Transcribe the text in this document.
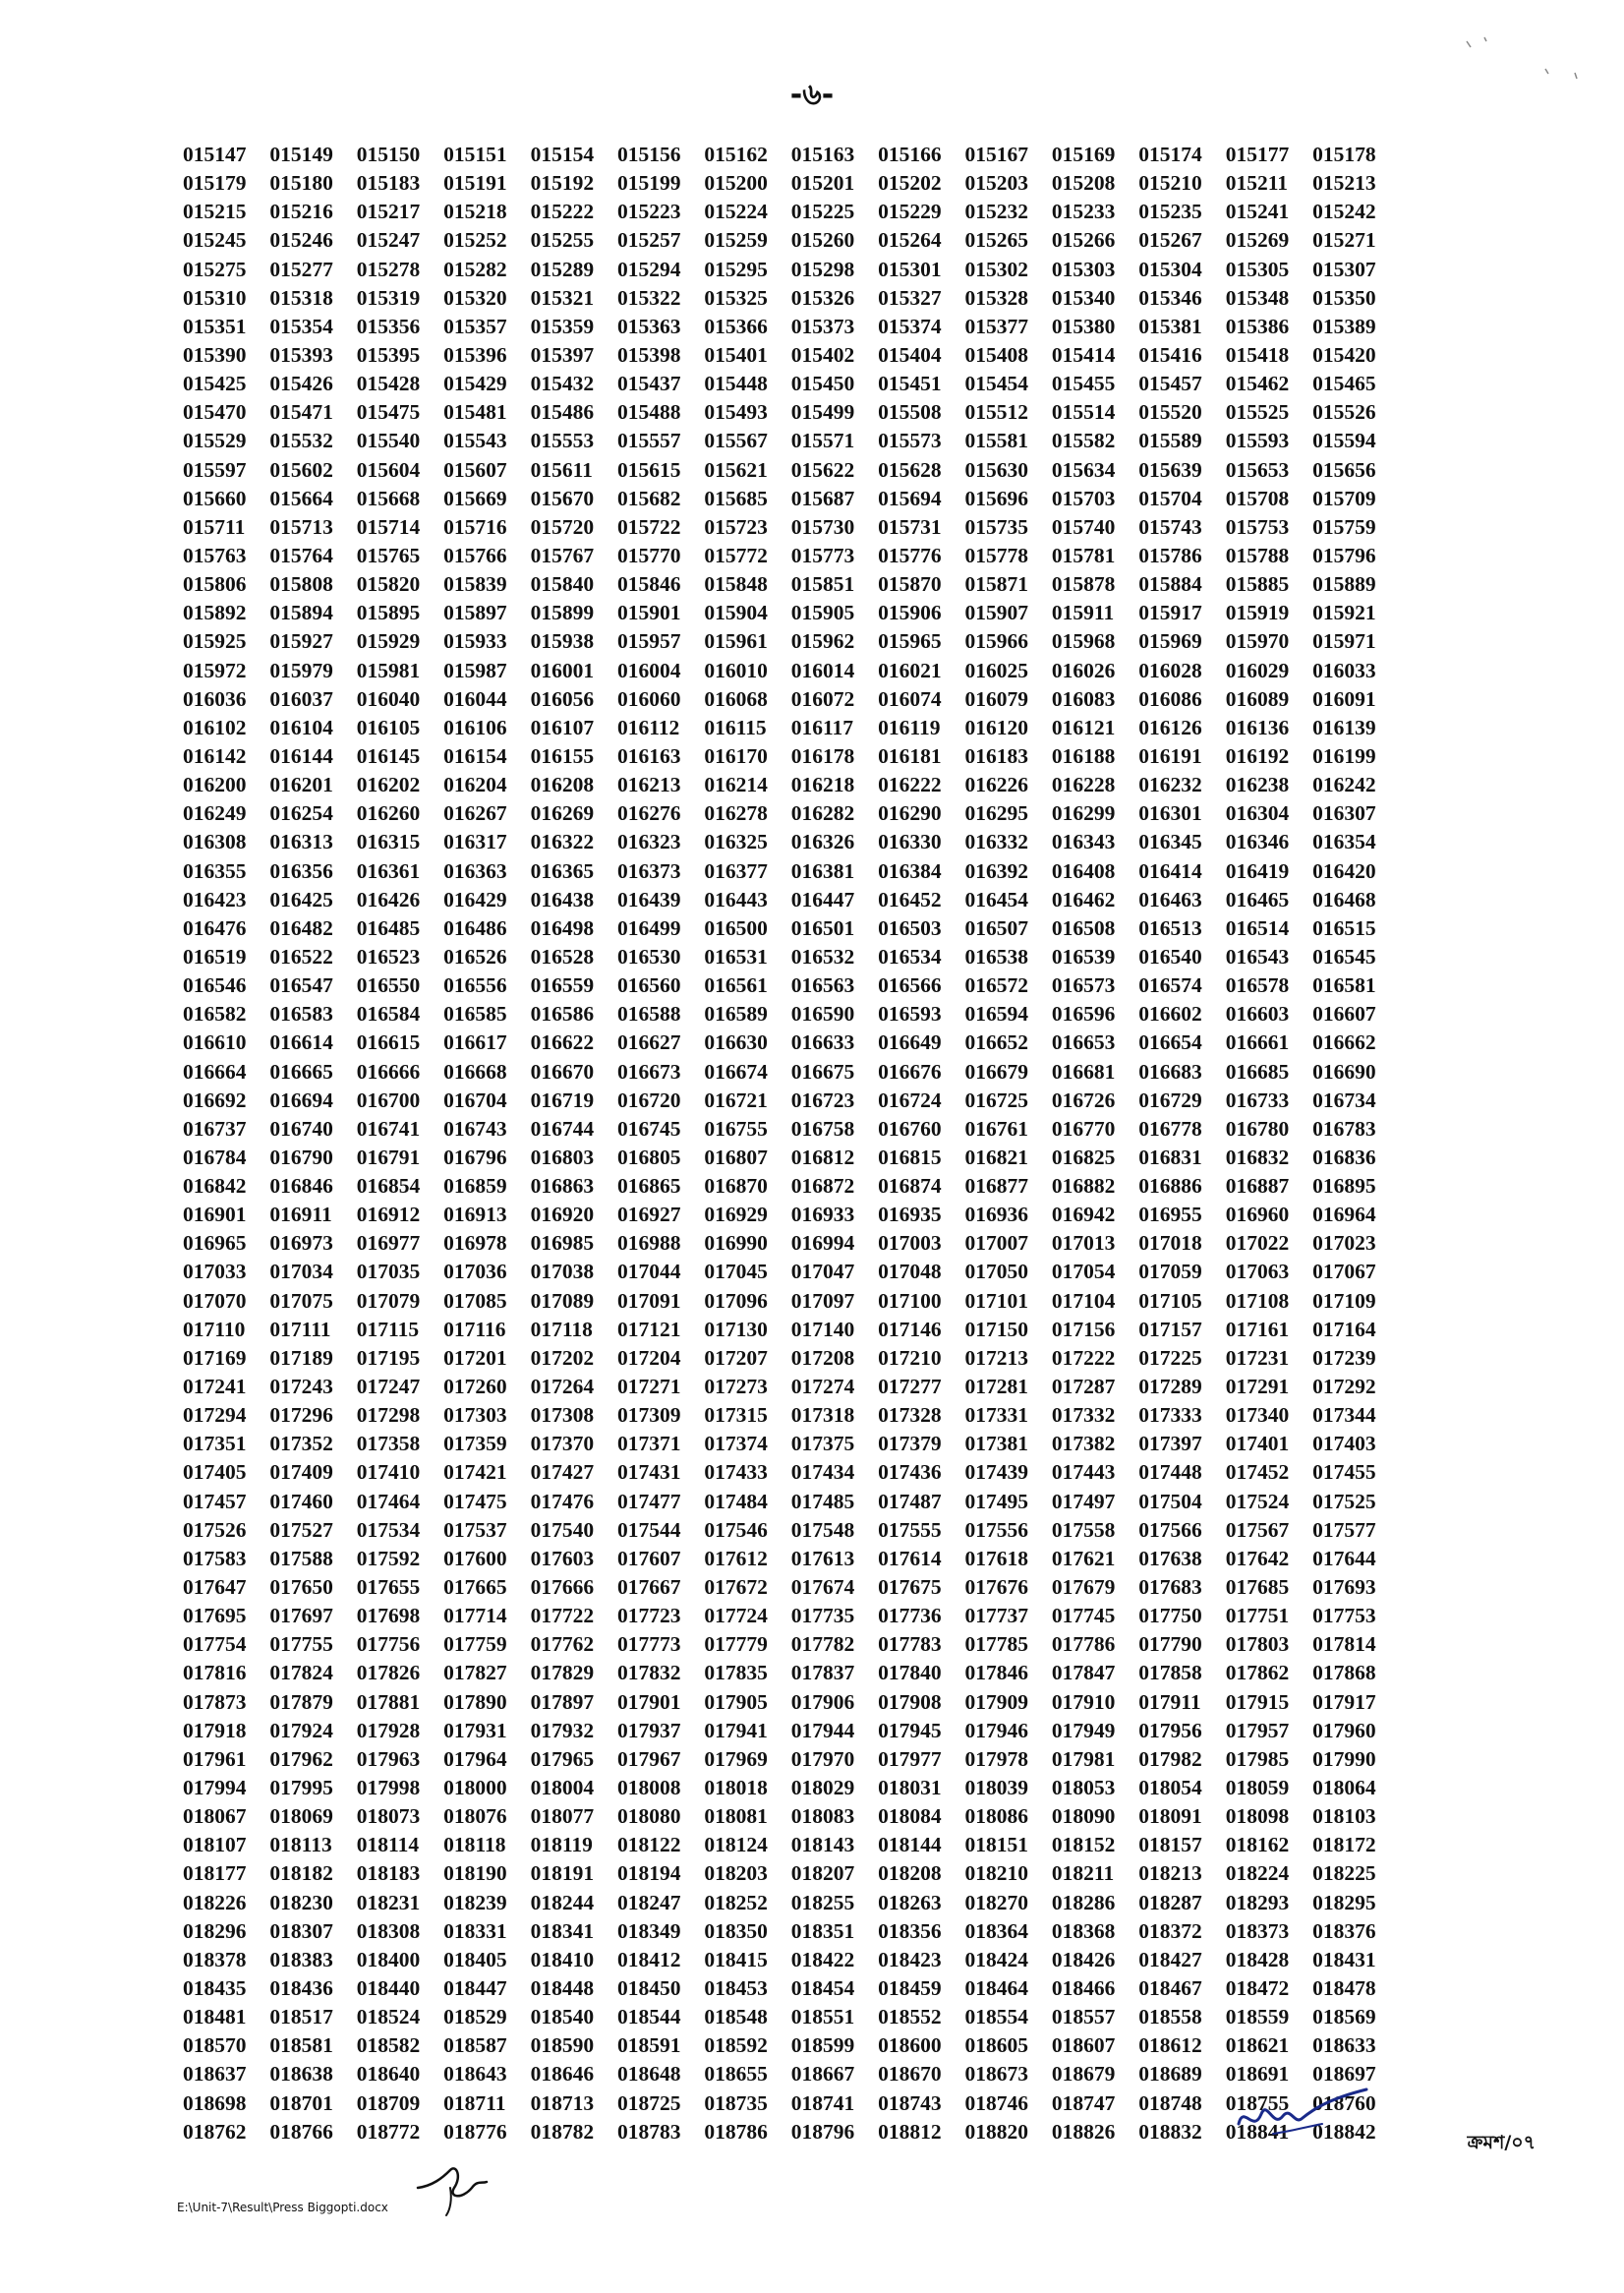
-৬-
015147	015149	015150	015151	015154	015156	015162	015163	015166	015167	015169	015174	015177	015178
015179	015180	015183	015191	015192	015199	015200	015201	015202	015203	015208	015210	015211	015213
015215	015216	015217	015218	015222	015223	015224	015225	015229	015232	015233	015235	015241	015242
015245	015246	015247	015252	015255	015257	015259	015260	015264	015265	015266	015267	015269	015271
015275	015277	015278	015282	015289	015294	015295	015298	015301	015302	015303	015304	015305	015307
015310	015318	015319	015320	015321	015322	015325	015326	015327	015328	015340	015346	015348	015350
015351	015354	015356	015357	015359	015363	015366	015373	015374	015377	015380	015381	015386	015389
015390	015393	015395	015396	015397	015398	015401	015402	015404	015408	015414	015416	015418	015420
015425	015426	015428	015429	015432	015437	015448	015450	015451	015454	015455	015457	015462	015465
015470	015471	015475	015481	015486	015488	015493	015499	015508	015512	015514	015520	015525	015526
015529	015532	015540	015543	015553	015557	015567	015571	015573	015581	015582	015589	015593	015594
015597	015602	015604	015607	015611	015615	015621	015622	015628	015630	015634	015639	015653	015656
015660	015664	015668	015669	015670	015682	015685	015687	015694	015696	015703	015704	015708	015709
015711	015713	015714	015716	015720	015722	015723	015730	015731	015735	015740	015743	015753	015759
015763	015764	015765	015766	015767	015770	015772	015773	015776	015778	015781	015786	015788	015796
015806	015808	015820	015839	015840	015846	015848	015851	015870	015871	015878	015884	015885	015889
015892	015894	015895	015897	015899	015901	015904	015905	015906	015907	015911	015917	015919	015921
015925	015927	015929	015933	015938	015957	015961	015962	015965	015966	015968	015969	015970	015971
015972	015979	015981	015987	016001	016004	016010	016014	016021	016025	016026	016028	016029	016033
016036	016037	016040	016044	016056	016060	016068	016072	016074	016079	016083	016086	016089	016091
016102	016104	016105	016106	016107	016112	016115	016117	016119	016120	016121	016126	016136	016139
016142	016144	016145	016154	016155	016163	016170	016178	016181	016183	016188	016191	016192	016199
016200	016201	016202	016204	016208	016213	016214	016218	016222	016226	016228	016232	016238	016242
016249	016254	016260	016267	016269	016276	016278	016282	016290	016295	016299	016301	016304	016307
016308	016313	016315	016317	016322	016323	016325	016326	016330	016332	016343	016345	016346	016354
016355	016356	016361	016363	016365	016373	016377	016381	016384	016392	016408	016414	016419	016420
016423	016425	016426	016429	016438	016439	016443	016447	016452	016454	016462	016463	016465	016468
016476	016482	016485	016486	016498	016499	016500	016501	016503	016507	016508	016513	016514	016515
016519	016522	016523	016526	016528	016530	016531	016532	016534	016538	016539	016540	016543	016545
016546	016547	016550	016556	016559	016560	016561	016563	016566	016572	016573	016574	016578	016581
016582	016583	016584	016585	016586	016588	016589	016590	016593	016594	016596	016602	016603	016607
016610	016614	016615	016617	016622	016627	016630	016633	016649	016652	016653	016654	016661	016662
016664	016665	016666	016668	016670	016673	016674	016675	016676	016679	016681	016683	016685	016690
016692	016694	016700	016704	016719	016720	016721	016723	016724	016725	016726	016729	016733	016734
016737	016740	016741	016743	016744	016745	016755	016758	016760	016761	016770	016778	016780	016783
016784	016790	016791	016796	016803	016805	016807	016812	016815	016821	016825	016831	016832	016836
016842	016846	016854	016859	016863	016865	016870	016872	016874	016877	016882	016886	016887	016895
016901	016911	016912	016913	016920	016927	016929	016933	016935	016936	016942	016955	016960	016964
016965	016973	016977	016978	016985	016988	016990	016994	017003	017007	017013	017018	017022	017023
017033	017034	017035	017036	017038	017044	017045	017047	017048	017050	017054	017059	017063	017067
017070	017075	017079	017085	017089	017091	017096	017097	017100	017101	017104	017105	017108	017109
017110	017111	017115	017116	017118	017121	017130	017140	017146	017150	017156	017157	017161	017164
017169	017189	017195	017201	017202	017204	017207	017208	017210	017213	017222	017225	017231	017239
017241	017243	017247	017260	017264	017271	017273	017274	017277	017281	017287	017289	017291	017292
017294	017296	017298	017303	017308	017309	017315	017318	017328	017331	017332	017333	017340	017344
017351	017352	017358	017359	017370	017371	017374	017375	017379	017381	017382	017397	017401	017403
017405	017409	017410	017421	017427	017431	017433	017434	017436	017439	017443	017448	017452	017455
017457	017460	017464	017475	017476	017477	017484	017485	017487	017495	017497	017504	017524	017525
017526	017527	017534	017537	017540	017544	017546	017548	017555	017556	017558	017566	017567	017577
017583	017588	017592	017600	017603	017607	017612	017613	017614	017618	017621	017638	017642	017644
017647	017650	017655	017665	017666	017667	017672	017674	017675	017676	017679	017683	017685	017693
017695	017697	017698	017714	017722	017723	017724	017735	017736	017737	017745	017750	017751	017753
017754	017755	017756	017759	017762	017773	017779	017782	017783	017785	017786	017790	017803	017814
017816	017824	017826	017827	017829	017832	017835	017837	017840	017846	017847	017858	017862	017868
017873	017879	017881	017890	017897	017901	017905	017906	017908	017909	017910	017911	017915	017917
017918	017924	017928	017931	017932	017937	017941	017944	017945	017946	017949	017956	017957	017960
017961	017962	017963	017964	017965	017967	017969	017970	017977	017978	017981	017982	017985	017990
017994	017995	017998	018000	018004	018008	018018	018029	018031	018039	018053	018054	018059	018064
018067	018069	018073	018076	018077	018080	018081	018083	018084	018086	018090	018091	018098	018103
018107	018113	018114	018118	018119	018122	018124	018143	018144	018151	018152	018157	018162	018172
018177	018182	018183	018190	018191	018194	018203	018207	018208	018210	018211	018213	018224	018225
018226	018230	018231	018239	018244	018247	018252	018255	018263	018270	018286	018287	018293	018295
018296	018307	018308	018331	018341	018349	018350	018351	018356	018364	018368	018372	018373	018376
018378	018383	018400	018405	018410	018412	018415	018422	018423	018424	018426	018427	018428	018431
018435	018436	018440	018447	018448	018450	018453	018454	018459	018464	018466	018467	018472	018478
018481	018517	018524	018529	018540	018544	018548	018551	018552	018554	018557	018558	018559	018569
018570	018581	018582	018587	018590	018591	018592	018599	018600	018605	018607	018612	018621	018633
018637	018638	018640	018643	018646	018648	018655	018667	018670	018673	018679	018689	018691	018697
018698	018701	018709	018711	018713	018725	018735	018741	018743	018746	018747	018748	018755	018760
018762	018766	018772	018776	018782	018783	018786	018796	018812	018820	018826	018832	018841	018842	ক্রমশ/০৭
E:\Unit-7\Result\Press Biggopti.docx
